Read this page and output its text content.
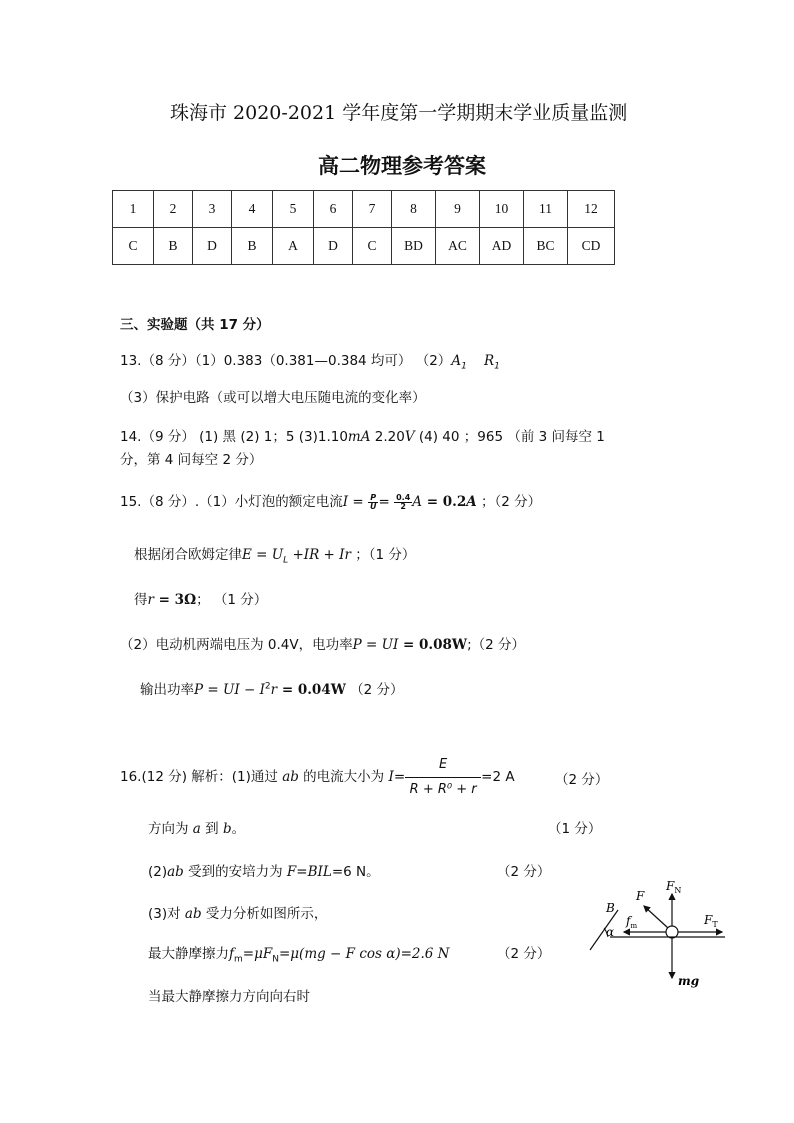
珠海市 2020-2021 学年度第一学期期末学业质量监测
高二物理参考答案
1	2	3	4	5	6	7	8	9	10	11	12
C	B	D	B	A	D	C	BD	AC	AD	BC	CD
三、实验题（共 17 分）
13.（8 分）（1）0.383（0.381—0.384 均可） $(2)A_1$ $R_1$
（3）保护电路（或可以增大电压随电流的变化率）
14.（9 分） (1) 黑 (2) 1；5 (3)1.10mA 2.20V (4) 40 ；965 （前 3 问每空 1
分，第 4 问每空 2 分）
15.（8 分）.（1）小灯泡的额定电流$I = \frac{P}{U} = \frac{0.4}{2}$ A = 0.2A ；（2 分）
根据闭合欧姆定律$E = U_L +IR + Ir$ ；（1 分）
得r = 3Ω； （1 分）
（2）电动机两端电压为 0.4V，电功率P = UI = 0.08W;（2 分）
输出功率P = UI − $I^2r = 0.04W$ （2 分）
16.(12 分) 解析：(1)通过 ab 的电流大小为 $I= \frac{E}{\text{R + R⁰ + r}} =2$ A	（2 分）
方向为 a 到 b。	（1 分）
(2)ab 受到的安培力为 F=BIL=6 N。	（2 分）
(3)对 ab 受力分析如图所示，
最大静摩擦力$f_m=\mu F_N=\mu(mg - F$ cos α)=2.6 N	（2 分）
当最大静摩擦力方向向右时
$F_N$
F
B
$f_m$	$F_T$
α
mg
